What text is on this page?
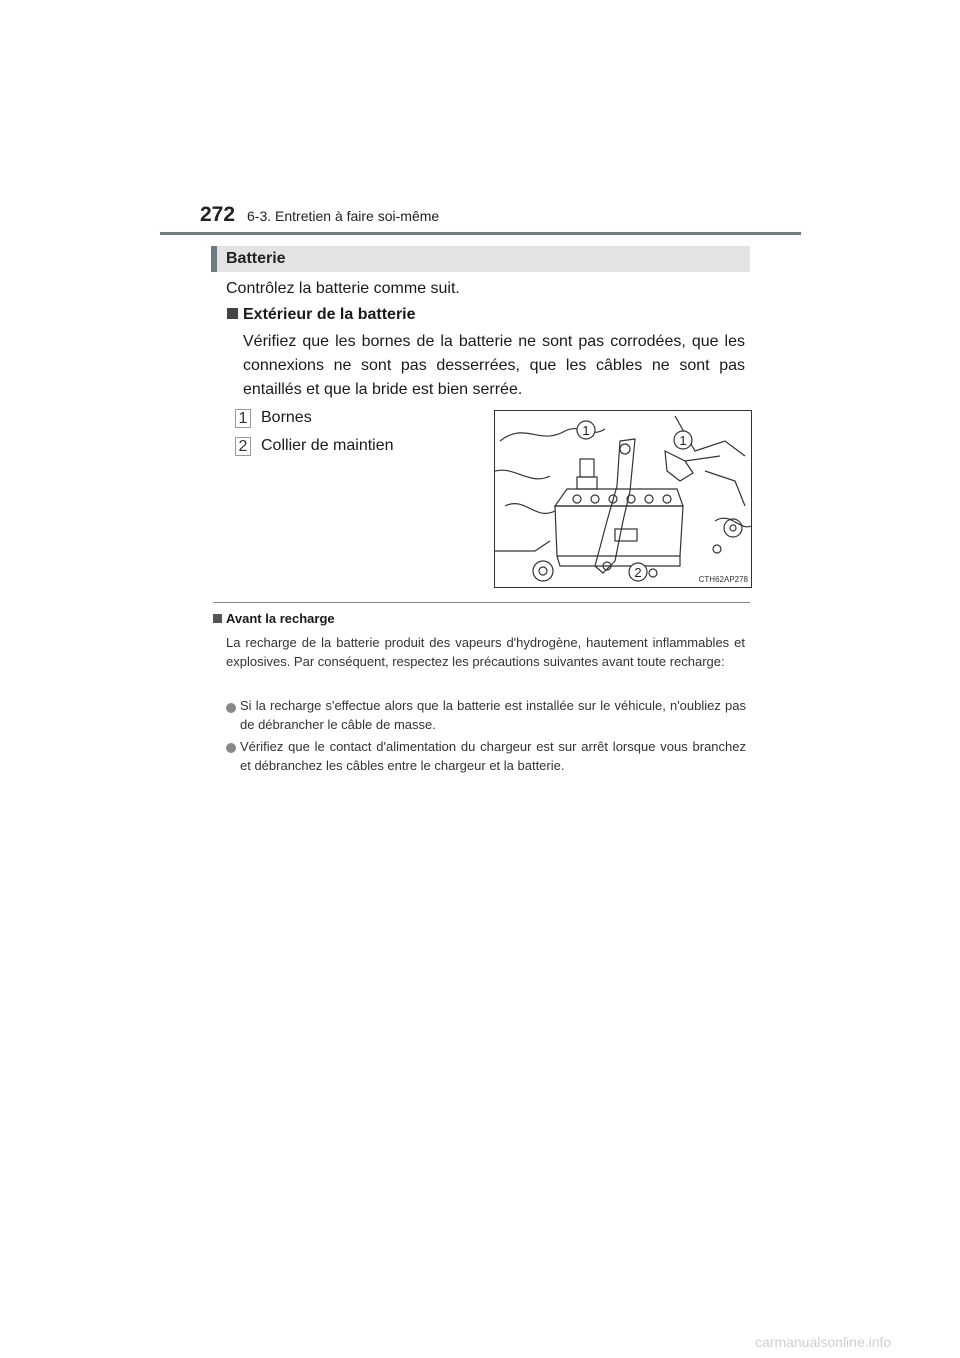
272 6-3. Entretien à faire soi-même
Batterie
Contrôlez la batterie comme suit.
Extérieur de la batterie
Vérifiez que les bornes de la batterie ne sont pas corrodées, que les connexions ne sont pas desserrées, que les câbles ne sont pas entaillés et que la bride est bien serrée.
1 Bornes
2 Collier de maintien
1
1
2	CTH62AP278
Avant la recharge
La recharge de la batterie produit des vapeurs d'hydrogène, hautement inflammables et explosives. Par conséquent, respectez les précautions suivantes avant toute recharge:
Si la recharge s'effectue alors que la batterie est installée sur le véhicule, n'oubliez pas de débrancher le câble de masse.
Vérifiez que le contact d'alimentation du chargeur est sur arrêt lorsque vous branchez et débranchez les câbles entre le chargeur et la batterie.
carmanualsonline.info
